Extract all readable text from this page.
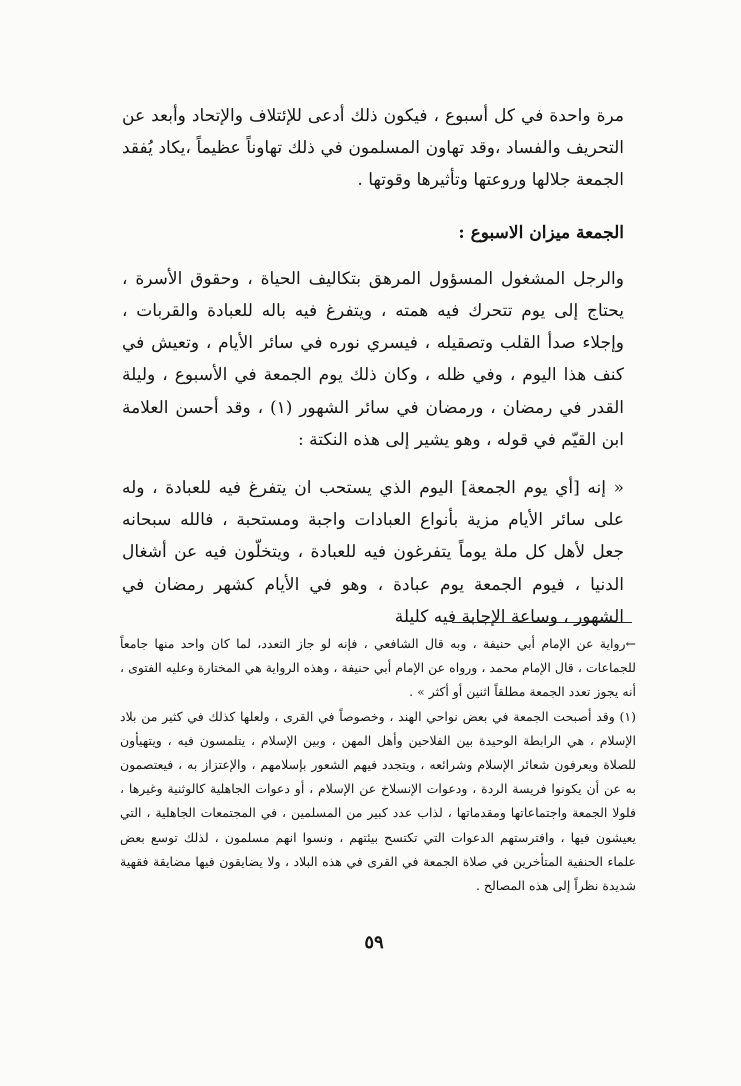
مرة واحدة في كل أسبوع ، فيكون ذلك أدعى للإئتلاف والإتحاد وأبعد عن التحريف والفساد ،وقد تهاون المسلمون في ذلك تهاوناً عظيماً ،يكاد يُفقد الجمعة جلالها وروعتها وتأثيرها وقوتها .

الجمعة ميزان الاسبوع :

والرجل المشغول المسؤول المرهق بتكاليف الحياة ، وحقوق الأسرة ، يحتاج إلى يوم تتحرك فيه همته ، ويتفرغ فيه باله للعبادة والقربات ، وإجلاء صدأ القلب وتصقيله ، فيسري نوره في سائر الأيام ، وتعيش في كنف هذا اليوم ، وفي ظله ، وكان ذلك يوم الجمعة في الأسبوع ، وليلة القدر في رمضان ، ورمضان في سائر الشهور (١) ، وقد أحسن العلامة ابن القيّم في قوله ، وهو يشير إلى هذه النكتة :

« إنه [أي يوم الجمعة] اليوم الذي يستحب ان يتفرغ فيه للعبادة ، وله على سائر الأيام مزية بأنواع العبادات واجبة ومستحبة ، فالله سبحانه جعل لأهل كل ملة يوماً يتفرغون فيه للعبادة ، ويتخلّون فيه عن أشغال الدنيا ، فيوم الجمعة يوم عبادة ، وهو في الأيام كشهر رمضان في الشهور ، وساعة الإجابة فيه كليلة

←رواية عن الإمام أبي حنيفة ، وبه قال الشافعي ، فإنه لو جاز التعدد، لما كان واحد منها جامعاً للجماعات ، قال الإمام محمد ، ورواه عن الإمام أبي حنيفة ، وهذه الرواية هي المختارة وعليه الفتوى ، أنه يجوز تعدد الجمعة مطلقاً اثنين أو أكثر » .

(١) وقد أصبحت الجمعة في بعض نواحي الهند ، وخصوصاً في القرى ، ولعلها كذلك في كثير من بلاد الإسلام ، هي الرابطة الوحيدة بين الفلاحين وأهل المهن ، وبين الإسلام ، يتلمسون فيه ، ويتهيأون للصلاة ويعرفون شعائر الإسلام وشرائعه ، ويتجدد فيهم الشعور بإسلامهم ، والإعتزاز به ، فيعتصمون به عن أن يكونوا فريسة الردة ، ودعوات الإنسلاخ عن الإسلام ، أو دعوات الجاهلية كالوثنية وغيرها ، فلولا الجمعة واجتماعاتها ومقدماتها ، لذاب عدد كبير من المسلمين ، في المجتمعات الجاهلية ، التي يعيشون فيها ، وافترستهم الدعوات التي تكتسح بيئتهم ، ونسوا انهم مسلمون ، لذلك توسع بعض علماء الحنفية المتأخرين في صلاة الجمعة في القرى في هذه البلاد ، ولا يضايقون فيها مضايقة فقهية شديدة نظراً إلى هذه المصالح .

٥٩
